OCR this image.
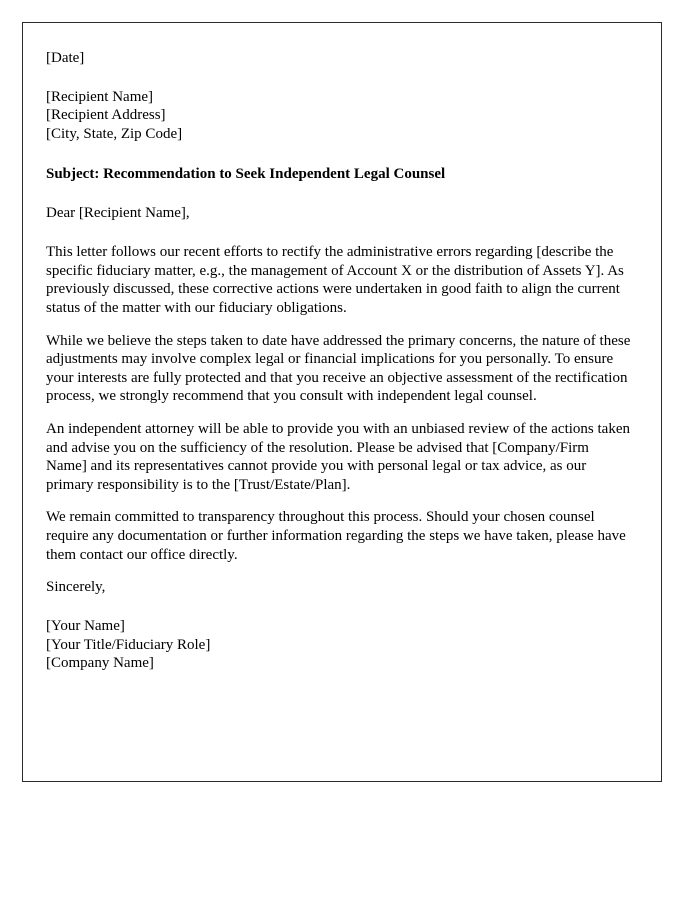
[Date]
[Recipient Name]
[Recipient Address]
[City, State, Zip Code]
Subject: Recommendation to Seek Independent Legal Counsel
Dear [Recipient Name],

This letter follows our recent efforts to rectify the administrative errors regarding [describe the specific fiduciary matter, e.g., the management of Account X or the distribution of Assets Y]. As previously discussed, these corrective actions were undertaken in good faith to align the current status of the matter with our fiduciary obligations.

While we believe the steps taken to date have addressed the primary concerns, the nature of these adjustments may involve complex legal or financial implications for you personally. To ensure your interests are fully protected and that you receive an objective assessment of the rectification process, we strongly recommend that you consult with independent legal counsel.

An independent attorney will be able to provide you with an unbiased review of the actions taken and advise you on the sufficiency of the resolution. Please be advised that [Company/Firm Name] and its representatives cannot provide you with personal legal or tax advice, as our primary responsibility is to the [Trust/Estate/Plan].

We remain committed to transparency throughout this process. Should your chosen counsel require any documentation or further information regarding the steps we have taken, please have them contact our office directly.

Sincerely,
[Your Name]
[Your Title/Fiduciary Role]
[Company Name]
